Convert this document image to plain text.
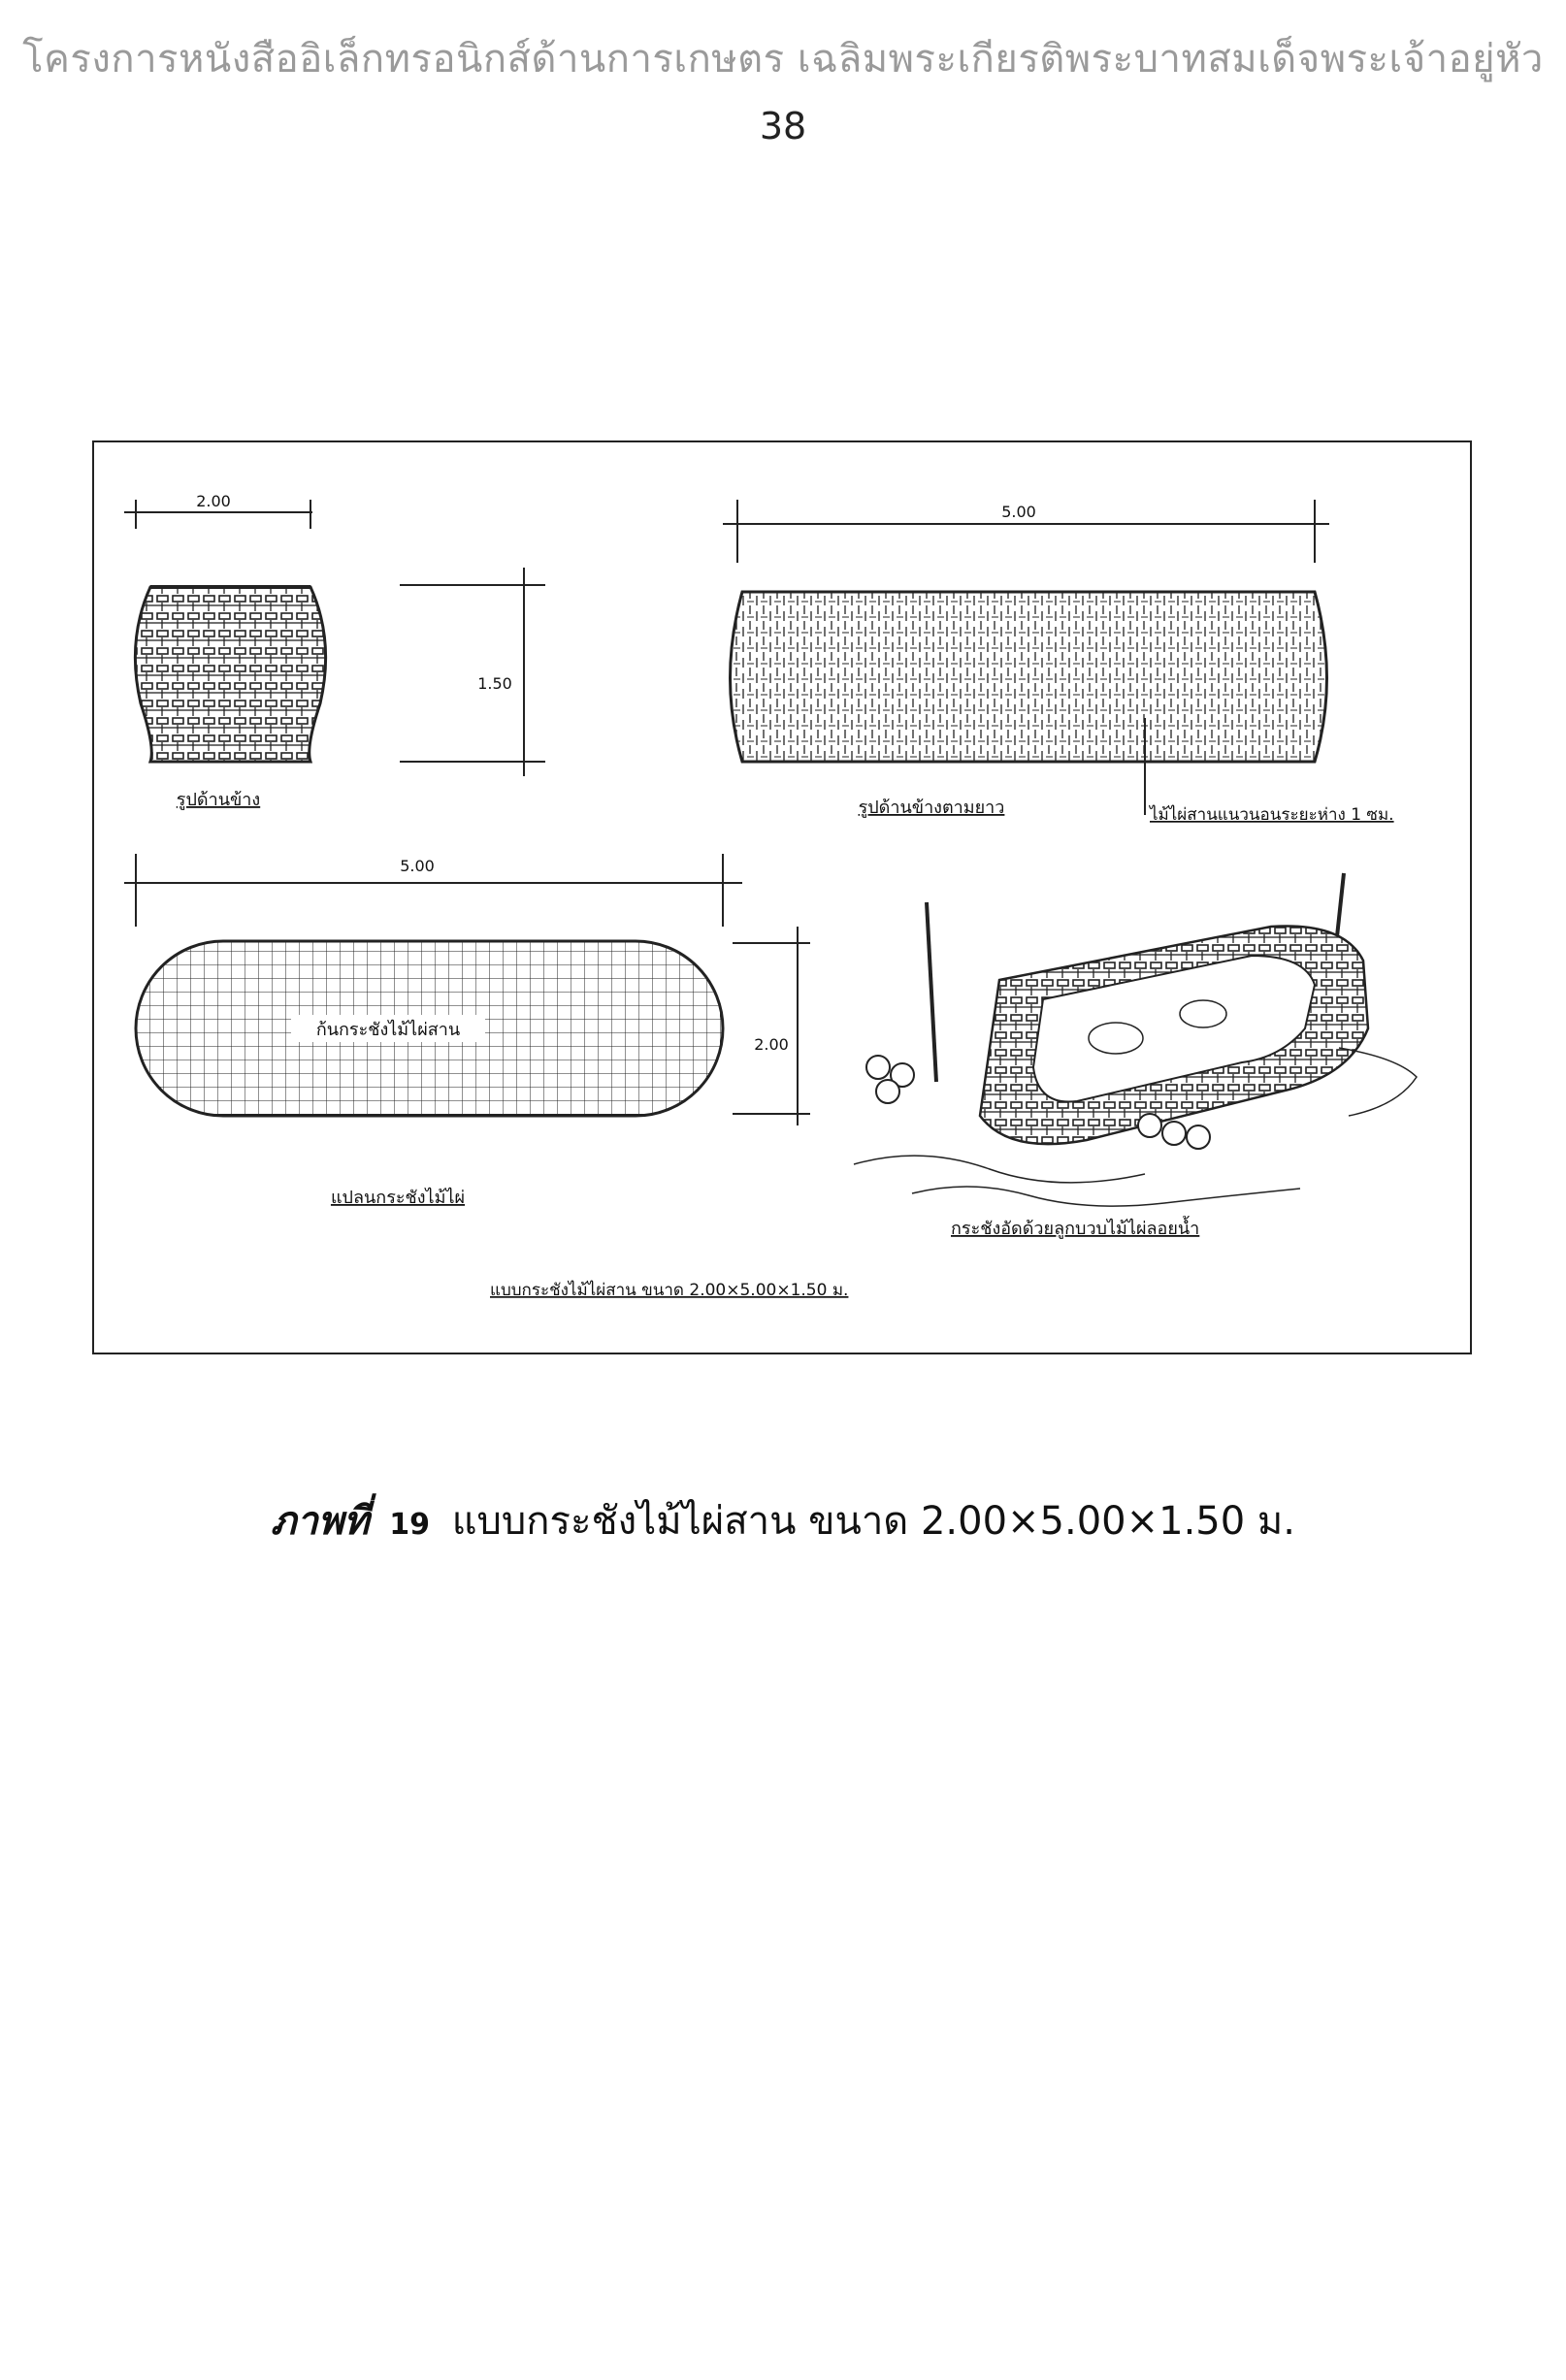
โครงการหนังสืออิเล็กทรอนิกส์ด้านการเกษตร เฉลิมพระเกียรติพระบาทสมเด็จพระเจ้าอยู่หัว
38
2.00
รูปด้านข้าง
1.50
5.00
รูปด้านข้างตามยาว	ไม้ไผ่สานแนวนอนระยะห่าง 1 ซม.
5.00
ก้นกระชังไม้ไผ่สาน
2.00
แปลนกระชังไม้ไผ่
กระชังอัดด้วยลูกบวบไม้ไผ่ลอยน้ำ
แบบกระชังไม้ไผ่สาน ขนาด 2.00×5.00×1.50 ม.
ภาพที่ 19 แบบกระชังไม้ไผ่สาน ขนาด 2.00×5.00×1.50 ม.
